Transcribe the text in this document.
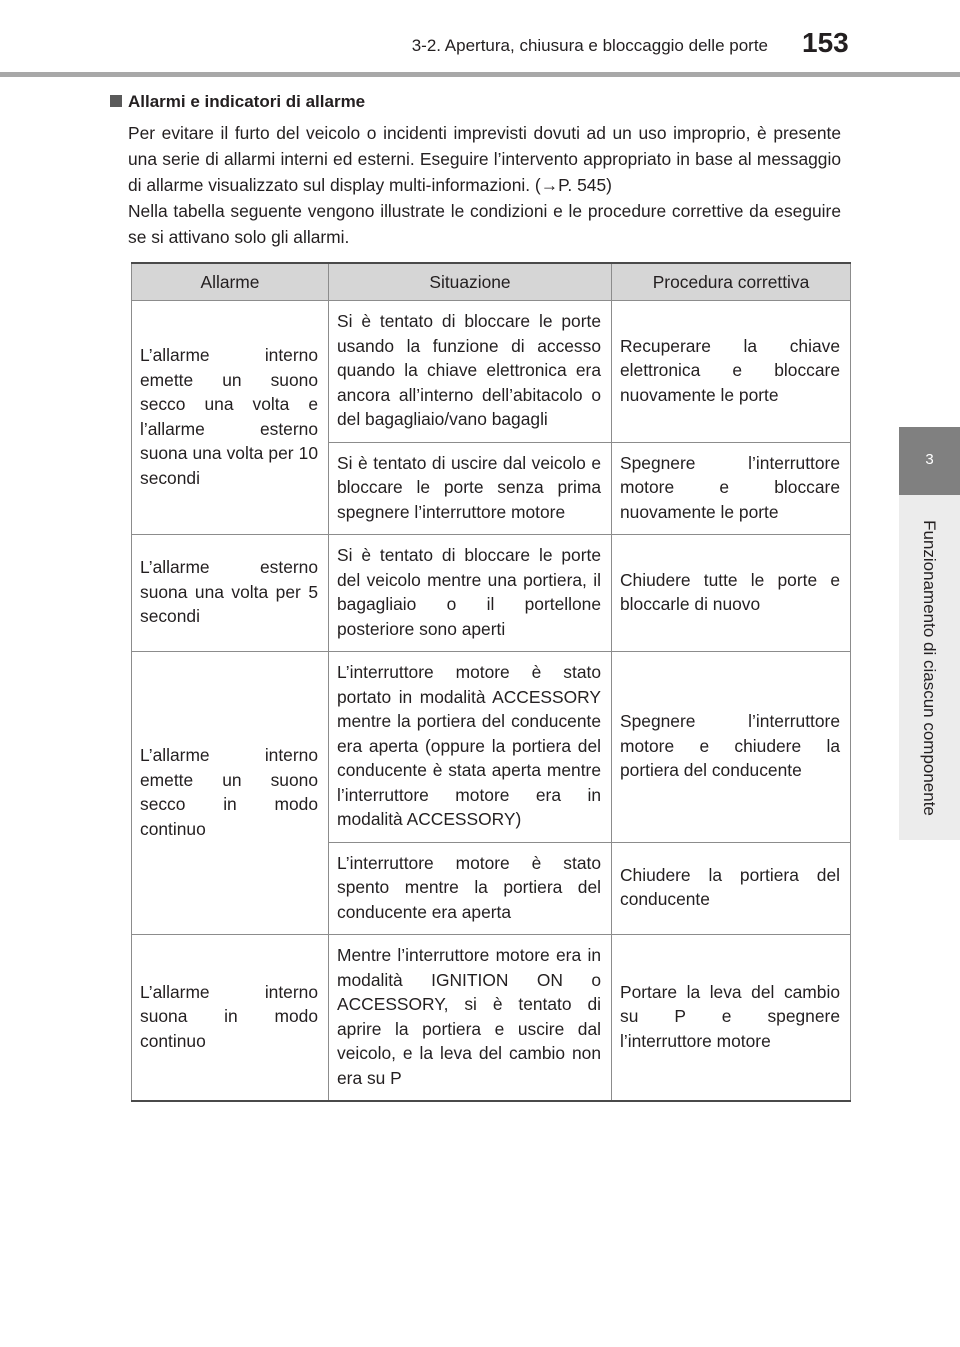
3-2. Apertura, chiusura e bloccaggio delle porte 153
3
Funzionamento di ciascun componente
Allarmi e indicatori di allarme
Per evitare il furto del veicolo o incidenti imprevisti dovuti ad un uso improprio, è presente una serie di allarmi interni ed esterni. Eseguire l’intervento appropriato in base al messaggio di allarme visualizzato sul display multi-informazioni. (→P. 545)
Nella tabella seguente vengono illustrate le condizioni e le procedure correttive da eseguire se si attivano solo gli allarmi.
Allarme	Situazione	Procedura correttiva
L’allarme interno emette un suono secco una volta e l’allarme esterno suona una volta per 10 secondi	Si è tentato di bloccare le porte usando la funzione di accesso quando la chiave elettronica era ancora all’interno dell’abitacolo o del bagagliaio/vano bagagli	Recuperare la chiave elettronica e bloccare nuovamente le porte
	Si è tentato di uscire dal veicolo e bloccare le porte senza prima spegnere l’interruttore motore	Spegnere l’interruttore motore e bloccare nuovamente le porte
L’allarme esterno suona una volta per 5 secondi	Si è tentato di bloccare le porte del veicolo mentre una portiera, il bagagliaio o il portellone posteriore sono aperti	Chiudere tutte le porte e bloccarle di nuovo
L’allarme interno emette un suono secco in modo continuo	L’interruttore motore è stato portato in modalità ACCESSORY mentre la portiera del conducente era aperta (oppure la portiera del conducente è stata aperta mentre l’interruttore motore era in modalità ACCESSORY)	Spegnere l’interruttore motore e chiudere la portiera del conducente
	L’interruttore motore è stato spento mentre la portiera del conducente era aperta	Chiudere la portiera del conducente
L’allarme interno suona in modo continuo	Mentre l’interruttore motore era in modalità IGNITION ON o ACCESSORY, si è tentato di aprire la portiera e uscire dal veicolo, e la leva del cambio non era su P	Portare la leva del cambio su P e spegnere l’interruttore motore
